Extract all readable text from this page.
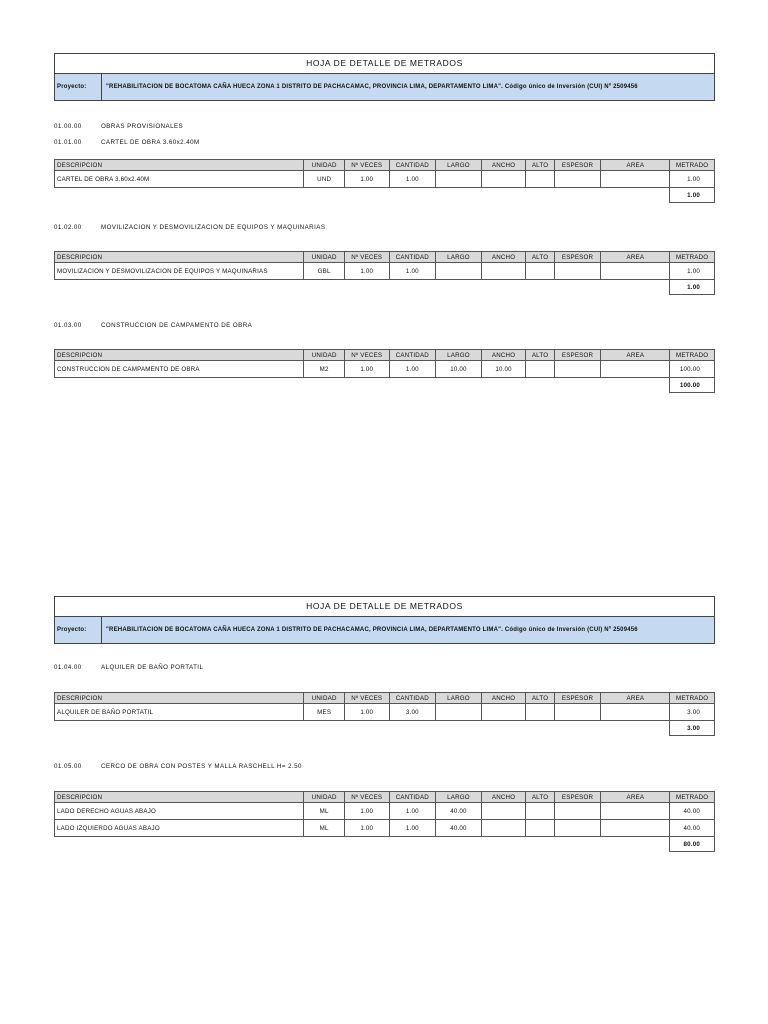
HOJA DE DETALLE DE METRADOS
Proyecto:	"REHABILITACION DE BOCATOMA CAÑA HUECA ZONA 1 DISTRITO DE PACHACAMAC, PROVINCIA LIMA, DEPARTAMENTO LIMA". Código único de Inversión (CUI) Nº 2509456
01.00.00	OBRAS PROVISIONALES
01.01.00	CARTEL DE OBRA 3.60x2.40M
DESCRIPCION	UNIDAD	Nº VECES	CANTIDAD	LARGO	ANCHO	ALTO	ESPESOR	AREA	METRADO
CARTEL DE OBRA 3.60x2.40M	UND	1.00	1.00						1.00
									1.00
01.02.00	MOVILIZACION Y DESMOVILIZACION DE EQUIPOS Y MAQUINARIAS
DESCRIPCION	UNIDAD	Nº VECES	CANTIDAD	LARGO	ANCHO	ALTO	ESPESOR	AREA	METRADO
MOVILIZACION Y DESMOVILIZACION DE EQUIPOS Y MAQUINARIAS	GBL	1.00	1.00						1.00
									1.00
01.03.00	CONSTRUCCION DE CAMPAMENTO DE OBRA
DESCRIPCION	UNIDAD	Nº VECES	CANTIDAD	LARGO	ANCHO	ALTO	ESPESOR	AREA	METRADO
CONSTRUCCION DE CAMPAMENTO DE OBRA	M2	1.00	1.00	10.00	10.00				100.00
									100.00
HOJA DE DETALLE DE METRADOS
Proyecto:	"REHABILITACION DE BOCATOMA CAÑA HUECA ZONA 1 DISTRITO DE PACHACAMAC, PROVINCIA LIMA, DEPARTAMENTO LIMA". Código único de Inversión (CUI) Nº 2509456
01.04.00	ALQUILER DE BAÑO PORTATIL
DESCRIPCION	UNIDAD	Nº VECES	CANTIDAD	LARGO	ANCHO	ALTO	ESPESOR	AREA	METRADO
ALQUILER DE BAÑO PORTATIL	MES	1.00	3.00						3.00
									3.00
01.05.00	CERCO DE OBRA CON POSTES Y MALLA RASCHELL H= 2.50
DESCRIPCION	UNIDAD	Nº VECES	CANTIDAD	LARGO	ANCHO	ALTO	ESPESOR	AREA	METRADO
LADO DERECHO AGUAS ABAJO	ML	1.00	1.00	40.00					40.00
LADO IZQUIERDO AGUAS ABAJO	ML	1.00	1.00	40.00					40.00
									80.00
